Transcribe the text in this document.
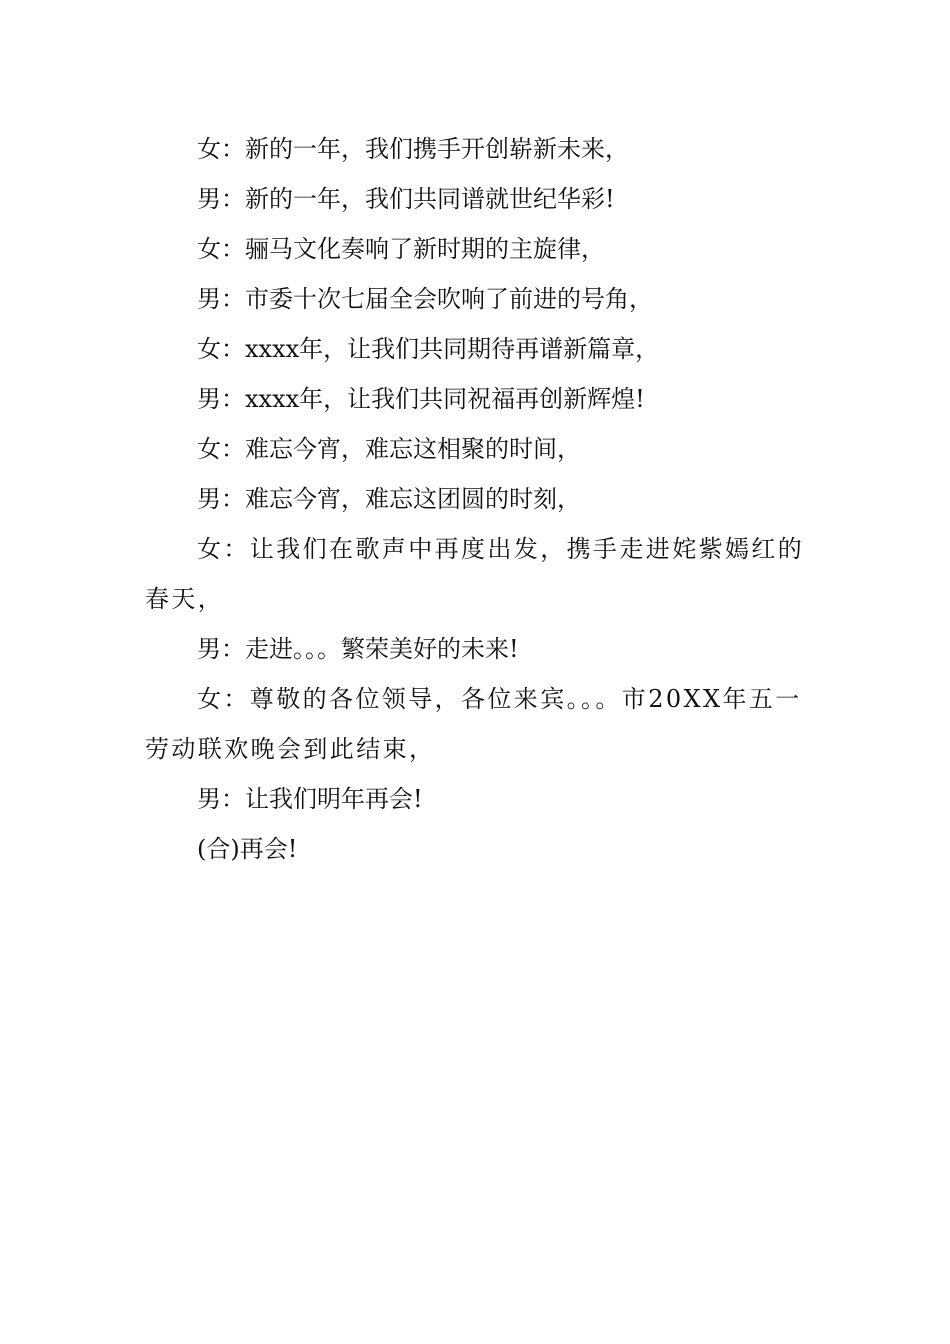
女：新的一年，我们携手开创崭新未来，

男：新的一年，我们共同谱就世纪华彩!

女：骊马文化奏响了新时期的主旋律，

男：市委十次七届全会吹响了前进的号角，

女：xxxx年，让我们共同期待再谱新篇章，

男：xxxx年，让我们共同祝福再创新辉煌!

女：难忘今宵，难忘这相聚的时间，

男：难忘今宵，难忘这团圆的时刻，

女：让我们在歌声中再度出发，携手走进姹紫嫣红的春天，

男：走进。。。繁荣美好的未来!

女：尊敬的各位领导，各位来宾。。。市20XX年五一劳动联欢晚会到此结束，

男：让我们明年再会!

(合)再会!
